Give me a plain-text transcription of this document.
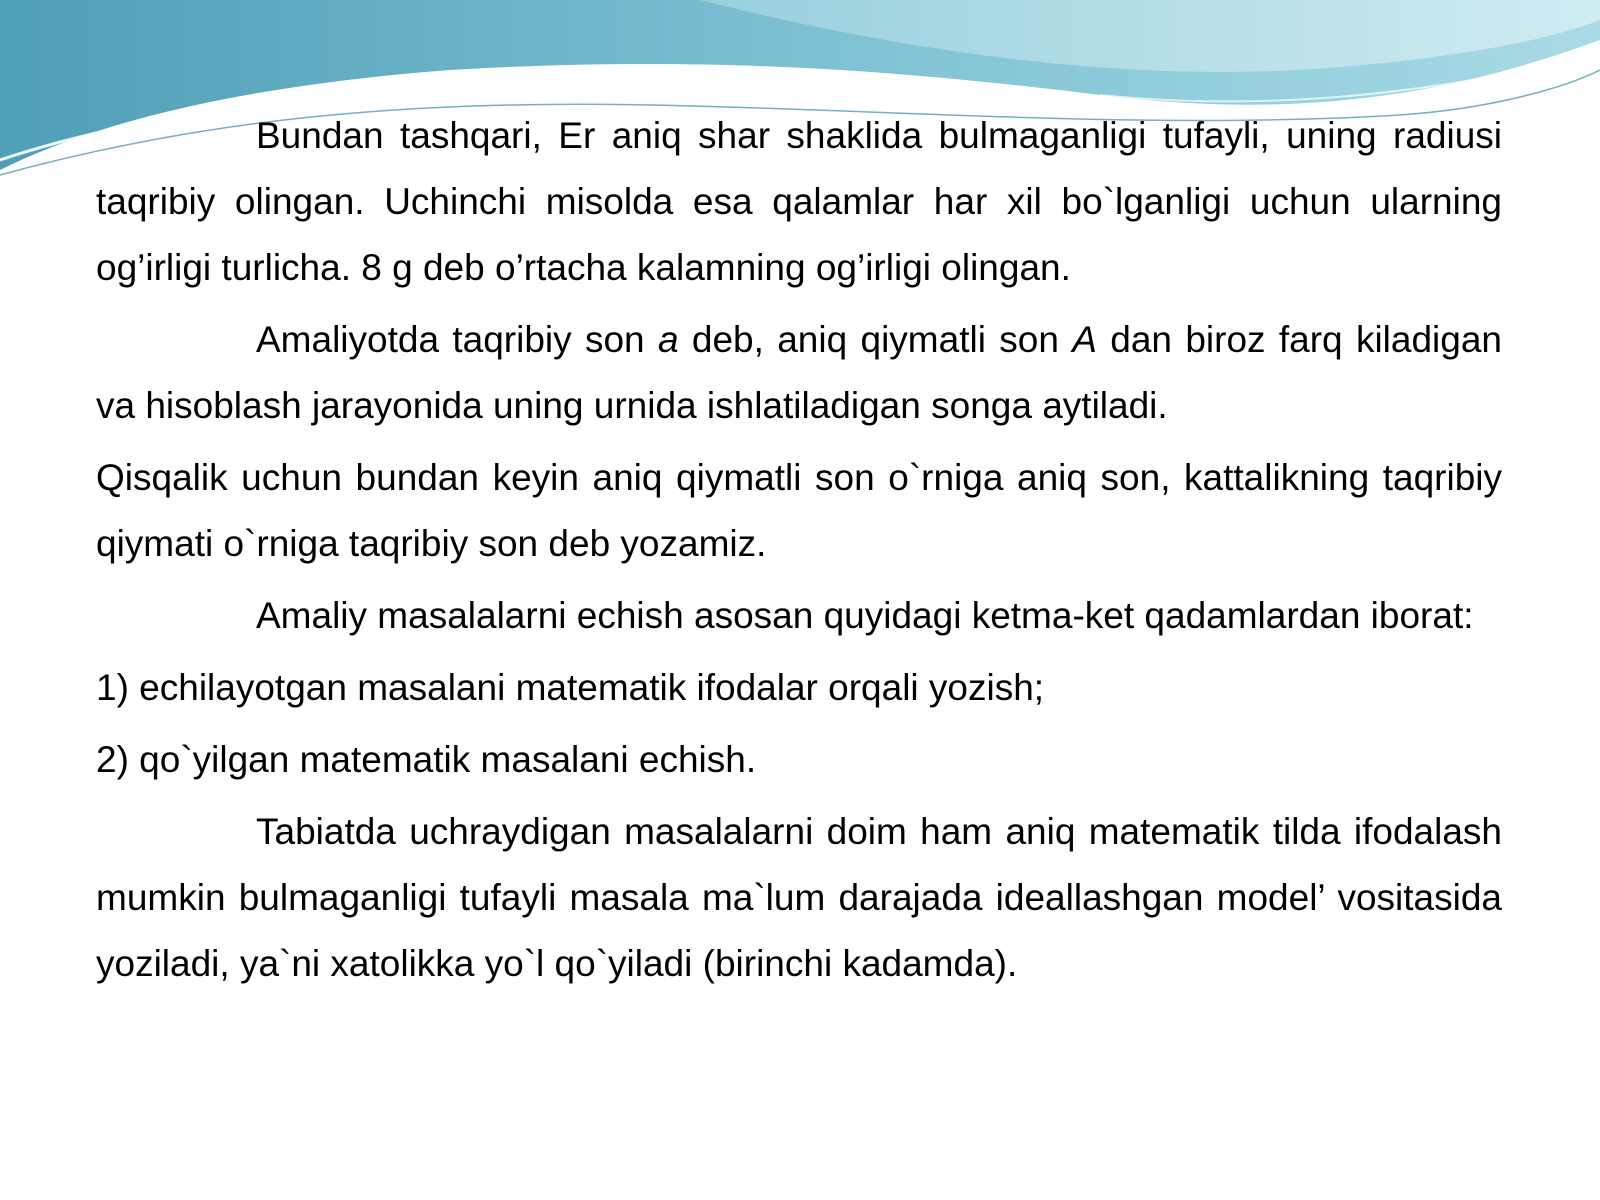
Bundan tashqari, Er aniq shar shaklida bulmaganligi tufayli, uning radiusi taqribiy olingan. Uchinchi misolda esa qalamlar har xil bo`lganligi uchun ularning og’irligi turlicha. 8 g deb o’rtacha kalamning og’irligi olingan.

Amaliyotda taqribiy son a deb, aniq qiymatli son A dan biroz farq kiladigan va hisoblash jarayonida uning urnida ishlatiladigan songa aytiladi.

Qisqalik uchun bundan keyin aniq qiymatli son o`rniga aniq son, kattalikning taqribiy qiymati o`rniga taqribiy son deb yozamiz.

Amaliy masalalarni echish asosan quyidagi ketma-ket qadamlardan iborat:

1) echilayotgan masalani matematik ifodalar orqali yozish;

2) qo`yilgan matematik masalani echish.

Tabiatda uchraydigan masalalarni doim ham aniq matematik tilda ifodalash mumkin bulmaganligi tufayli masala ma`lum darajada ideallashgan model’ vositasida yoziladi, ya`ni xatolikka yo`l qo`yiladi (birinchi kadamda).
